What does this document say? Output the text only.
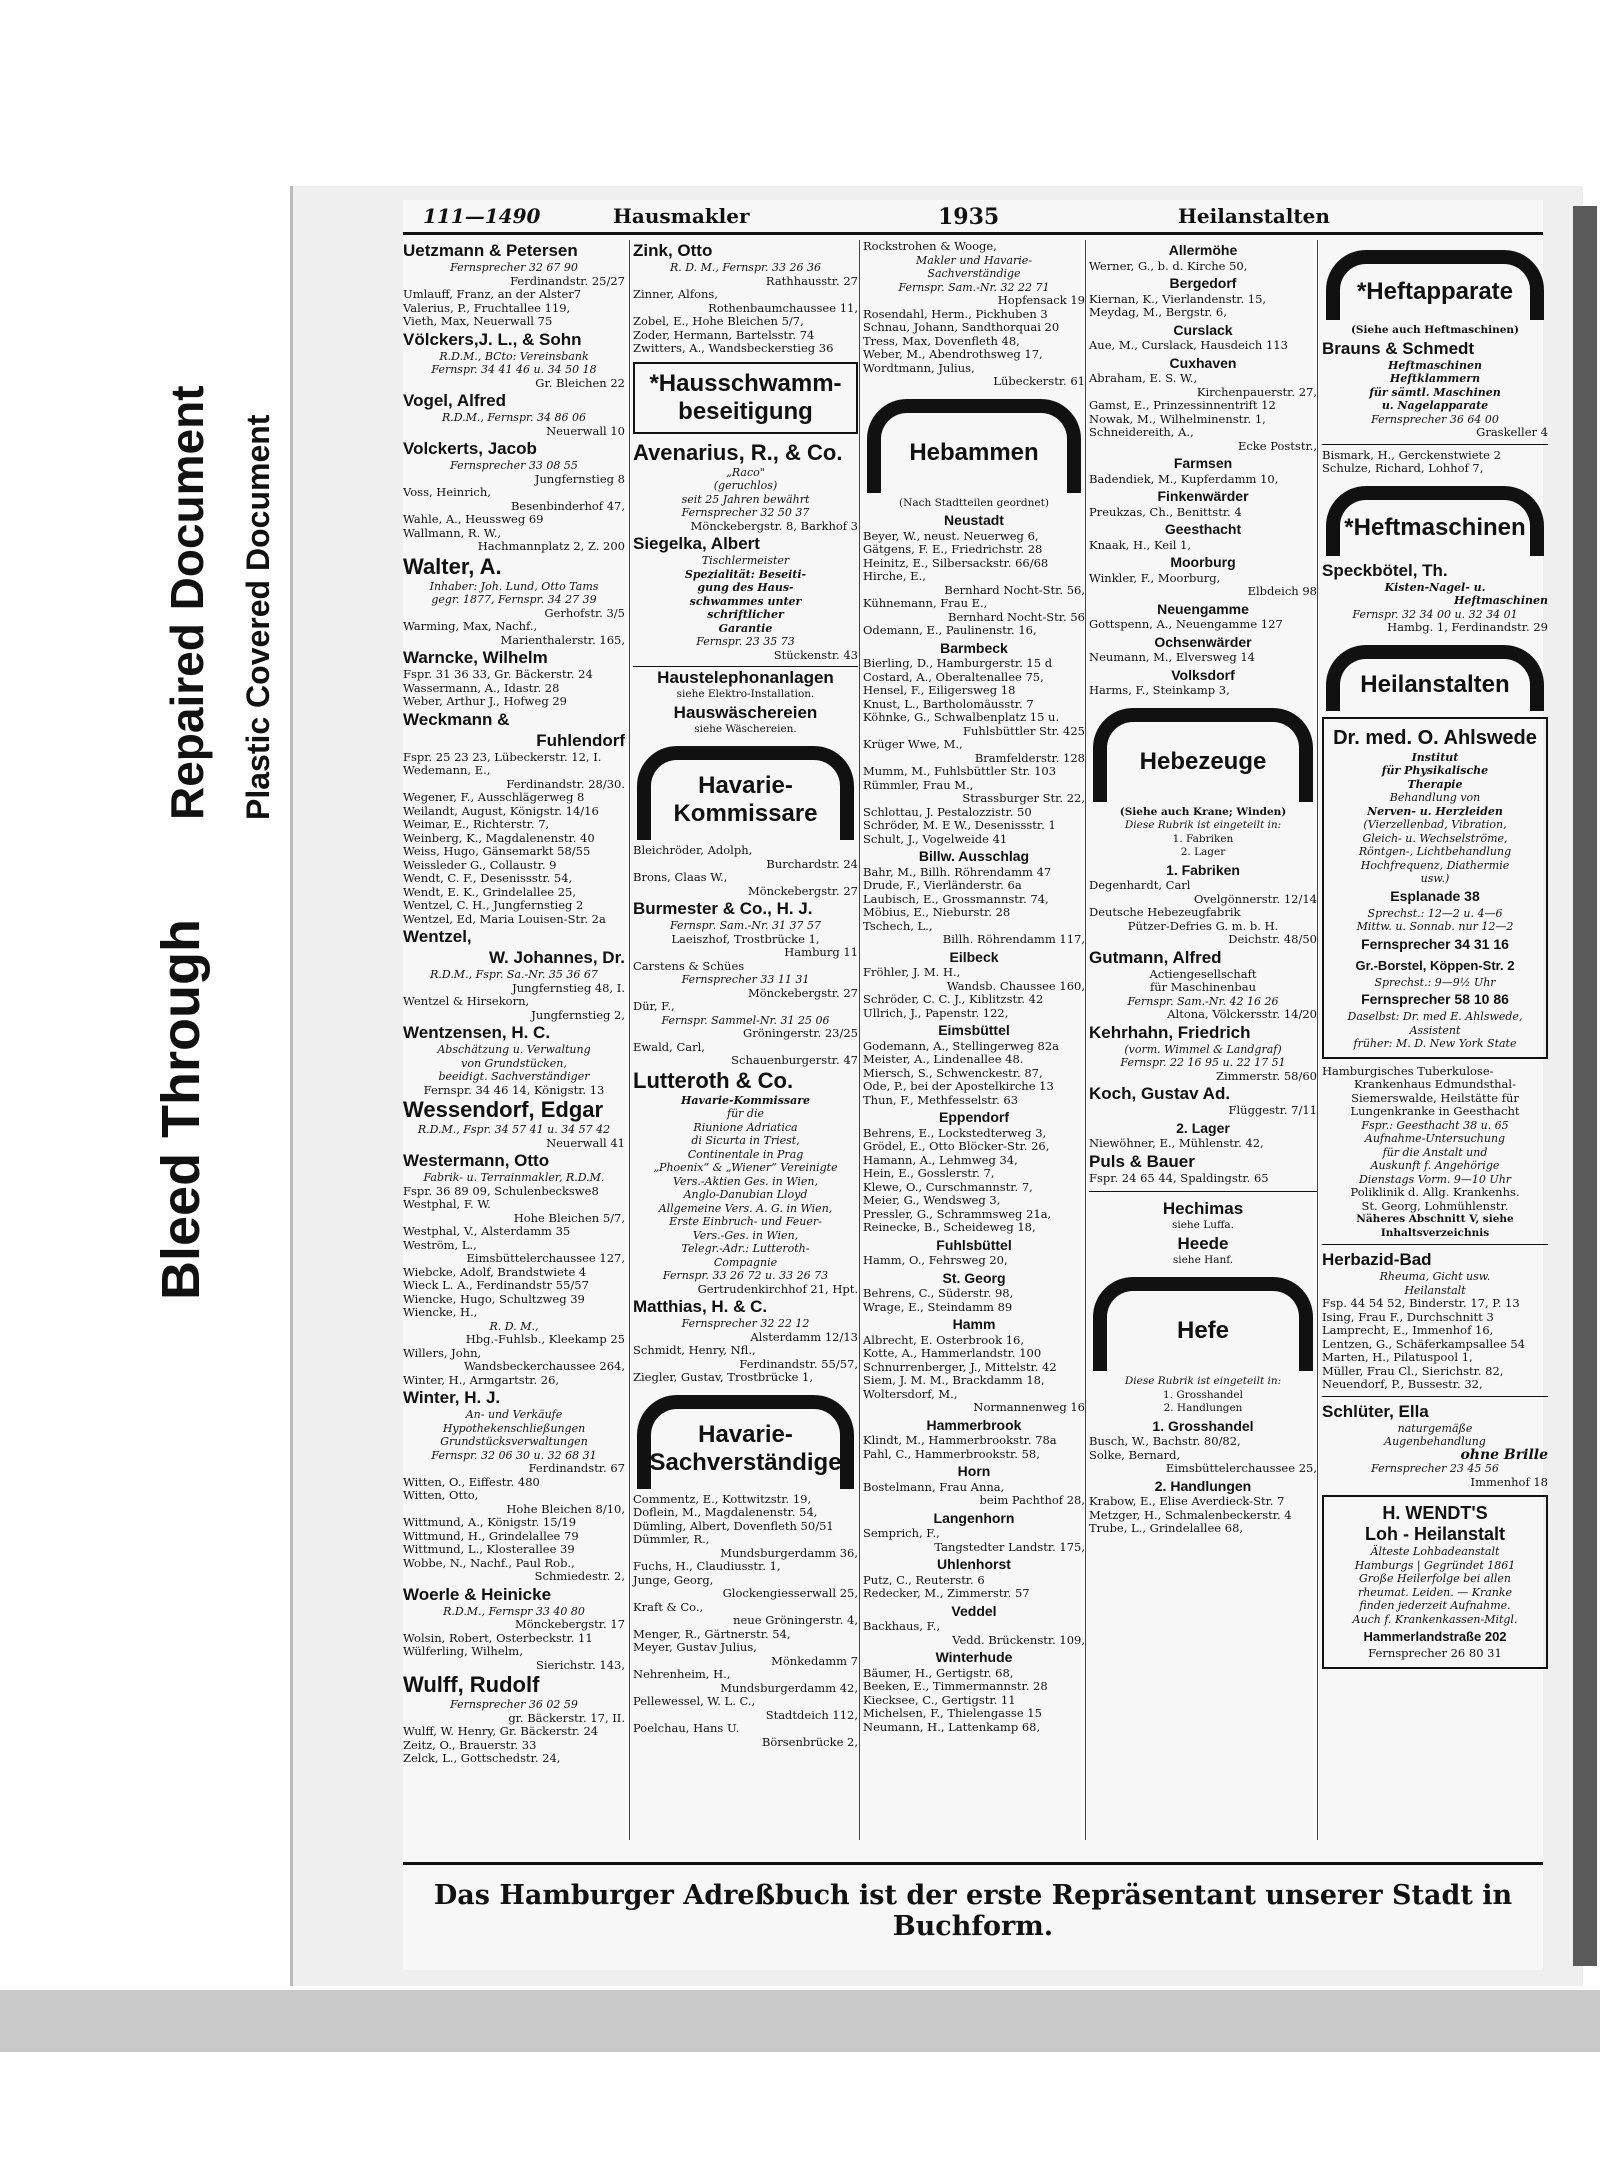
Bleed Through
Repaired Document Plastic Covered Document
111—1490	Hausmakler	1935	Heilanstalten
Uetzmann & Petersen
Fernsprecher 32 67 90
Ferdinandstr. 25/27
Umlauff, Franz, an der Alster7
Valerius, P., Fruchtallee 119,
Vieth, Max, Neuerwall 75
Völckers,J. L., & Sohn
R.D.M., BCto: Vereinsbank
Fernspr. 34 41 46 u. 34 50 18
Gr. Bleichen 22
Vogel, Alfred
R.D.M., Fernspr. 34 86 06
Neuerwall 10
Volckerts, Jacob
Fernsprecher 33 08 55
Jungfernstieg 8
Voss, Heinrich,
Besenbinderhof 47,
Wahle, A., Heussweg 69
Wallmann, R. W.,
Hachmannplatz 2, Z. 200
Walter, A.
Inhaber: Joh. Lund, Otto Tams
gegr. 1877, Fernspr. 34 27 39
Gerhofstr. 3/5
Warming, Max, Nachf.,
Marienthalerstr. 165,
Warncke, Wilhelm
Fspr. 31 36 33, Gr. Bäckerstr. 24
Wassermann, A., Idastr. 28
Weber, Arthur J., Hofweg 29
Weckmann &
Fuhlendorf
Fspr. 25 23 23, Lübeckerstr. 12, I.
Wedemann, E.,
Ferdinandstr. 28/30.
Wegener, F., Ausschlägerweg 8
Weilandt, August, Königstr. 14/16
Weimar, E., Richterstr. 7,
Weinberg, K., Magdalenenstr. 40
Weiss, Hugo, Gänsemarkt 58/55
Weissleder G., Collaustr. 9
Wendt, C. F., Desenissstr. 54,
Wendt, E. K., Grindelallee 25,
Wentzel, C. H., Jungfernstieg 2
Wentzel, Ed, Maria Louisen-Str. 2a
Wentzel,
W. Johannes, Dr.
R.D.M., Fspr. Sa.-Nr. 35 36 67
Jungfernstieg 48, I.
Wentzel & Hirsekorn,
Jungfernstieg 2,
Wentzensen, H. C.
Abschätzung u. Verwaltung
von Grundstücken,
beeidigt. Sachverständiger
Fernspr. 34 46 14, Königstr. 13
Wessendorf, Edgar
R.D.M., Fspr. 34 57 41 u. 34 57 42
Neuerwall 41
Westermann, Otto
Fabrik- u. Terrainmakler, R.D.M.
Fspr. 36 89 09, Schulenbeckswe8
Westphal, F. W.
Hohe Bleichen 5/7,
Westphal, V., Alsterdamm 35
Weström, L.,
Eimsbüttelerchaussee 127,
Wiebcke, Adolf, Brandstwiete 4
Wieck L. A., Ferdinandstr 55/57
Wiencke, Hugo, Schultzweg 39
Wiencke, H.,
R. D. M.,
Hbg.-Fuhlsb., Kleekamp 25
Willers, John,
Wandsbeckerchaussee 264,
Winter, H., Armgartstr. 26,
Winter, H. J.
An- und Verkäufe
Hypothekenschließungen
Grundstücksverwaltungen
Fernspr. 32 06 30 u. 32 68 31
Ferdinandstr. 67
Witten, O., Eiffestr. 480
Witten, Otto,
Hohe Bleichen 8/10,
Wittmund, A., Königstr. 15/19
Wittmund, H., Grindelallee 79
Wittmund, L., Klosterallee 39
Wobbe, N., Nachf., Paul Rob.,
Schmiedestr. 2,
Woerle & Heinicke
R.D.M., Fernspr 33 40 80
Mönckebergstr. 17
Wolsin, Robert, Osterbeckstr. 11
Wülferling, Wilhelm,
Sierichstr. 143,
Wulff, Rudolf
Fernsprecher 36 02 59
gr. Bäckerstr. 17, II.
Wulff, W. Henry, Gr. Bäckerstr. 24
Zeitz, O., Brauerstr. 33
Zelck, L., Gottschedstr. 24,
Zink, Otto
R. D. M., Fernspr. 33 26 36
Rathhausstr. 27
Zinner, Alfons,
Rothenbaumchaussee 11,
Zobel, E., Hohe Bleichen 5/7,
Zoder, Hermann, Bartelsstr. 74
Zwitters, A., Wandsbeckerstieg 36
*Hausschwamm-beseitigung
Avenarius, R., & Co.
„Raco"
(geruchlos)
seit 25 Jahren bewährt
Fernsprecher 32 50 37
Mönckebergstr. 8, Barkhof 3
Siegelka, Albert
Tischlermeister
Spezialität: Beseiti-
gung des Haus-
schwammes unter
schriftlicher
Garantie
Fernspr. 23 35 73
Stückenstr. 43
Haustelephonanlagen
siehe Elektro-Installation.
Hauswäschereien
siehe Wäschereien.
Havarie-Kommissare
Bleichröder, Adolph,
Burchardstr. 24
Brons, Claas W.,
Mönckebergstr. 27
Burmester & Co., H. J.
Fernspr. Sam.-Nr. 31 37 57
Laeiszhof, Trostbrücke 1,
Hamburg 11
Carstens & Schües
Fernsprecher 33 11 31
Mönckebergstr. 27
Dür, F.,
Fernspr. Sammel-Nr. 31 25 06
Gröningerstr. 23/25
Ewald, Carl,
Schauenburgerstr. 47
Lutteroth & Co.
Havarie-Kommissare
für die
Riunione Adriatica
di Sicurta in Triest,
Continentale in Prag
„Phoenix“ & „Wiener“ Vereinigte
Vers.-Aktien Ges. in Wien,
Anglo-Danubian Lloyd
Allgemeine Vers. A. G. in Wien,
Erste Einbruch- und Feuer-
Vers.-Ges. in Wien,
Telegr.-Adr.: Lutteroth-
Compagnie
Fernspr. 33 26 72 u. 33 26 73
Gertrudenkirchhof 21, Hpt.
Matthias, H. & C.
Fernsprecher 32 22 12
Alsterdamm 12/13
Schmidt, Henry, Nfl.,
Ferdinandstr. 55/57,
Ziegler, Gustav, Trostbrücke 1,
Havarie-Sachverständige
Commentz, E., Kottwitzstr. 19,
Doflein, M., Magdalenenstr. 54,
Dümling, Albert, Dovenfleth 50/51
Dümmler, R.,
Mundsburgerdamm 36,
Fuchs, H., Claudiusstr. 1,
Junge, Georg,
Glockengiesserwall 25,
Kraft & Co.,
neue Gröningerstr. 4,
Menger, R., Gärtnerstr. 54,
Meyer, Gustav Julius,
Mönkedamm 7
Nehrenheim, H.,
Mundsburgerdamm 42,
Pellewessel, W. L. C.,
Stadtdeich 112,
Poelchau, Hans U.
Börsenbrücke 2,
Rockstrohen & Wooge,
Makler und Havarie-
Sachverständige
Fernspr. Sam.-Nr. 32 22 71
Hopfensack 19
Rosendahl, Herm., Pickhuben 3
Schnau, Johann, Sandthorquai 20
Tress, Max, Dovenfleth 48,
Weber, M., Abendrothsweg 17,
Wordtmann, Julius,
Lübeckerstr. 61
Hebammen
(Nach Stadtteilen geordnet)
Neustadt
Beyer, W., neust. Neuerweg 6,
Gätgens, F. E., Friedrichstr. 28
Heinitz, E., Silbersackstr. 66/68
Hirche, E.,
Bernhard Nocht-Str. 56,
Kühnemann, Frau E.,
Bernhard Nocht-Str. 56
Odemann, E., Paulinenstr. 16,
Barmbeck
Bierling, D., Hamburgerstr. 15 d
Costard, A., Oberaltenallee 75,
Hensel, F., Eiligersweg 18
Knust, L., Bartholomäusstr. 7
Köhnke, G., Schwalbenplatz 15 u.
Fuhlsbüttler Str. 425
Krüger Wwe, M.,
Bramfelderstr. 128
Mumm, M., Fuhlsbüttler Str. 103
Rümmler, Frau M.,
Strassburger Str. 22,
Schlottau, J. Pestalozzistr. 50
Schröder, M. E W., Desenissstr. 1
Schult, J., Vogelweide 41
Billw. Ausschlag
Bahr, M., Billh. Röhrendamm 47
Drude, F., Vierländerstr. 6a
Laubisch, E., Grossmannstr. 74,
Möbius, E., Nieburstr. 28
Tschech, L.,
Billh. Röhrendamm 117,
Eilbeck
Fröhler, J. M. H.,
Wandsb. Chaussee 160,
Schröder, C. C. J., Kiblitzstr. 42
Ullrich, J., Papenstr. 122,
Eimsbüttel
Godemann, A., Stellingerweg 82a
Meister, A., Lindenallee 48.
Miersch, S., Schwenckestr. 87,
Ode, P., bei der Apostelkirche 13
Thun, F., Methfesselstr. 63
Eppendorf
Behrens, E., Lockstedterweg 3,
Grödel, E., Otto Blöcker-Str. 26,
Hamann, A., Lehmweg 34,
Hein, E., Gosslerstr. 7,
Klewe, O., Curschmannstr. 7,
Meier, G., Wendsweg 3,
Pressler, G., Schrammsweg 21a,
Reinecke, B., Scheideweg 18,
Fuhlsbüttel
Hamm, O., Fehrsweg 20,
St. Georg
Behrens, C., Süderstr. 98,
Wrage, E., Steindamm 89
Hamm
Albrecht, E. Osterbrook 16,
Kotte, A., Hammerlandstr. 100
Schnurrenberger, J., Mittelstr. 42
Siem, J. M. M., Brackdamm 18,
Woltersdorf, M.,
Normannenweg 16
Hammerbrook
Klindt, M., Hammerbrookstr. 78a
Pahl, C., Hammerbrookstr. 58,
Horn
Bostelmann, Frau Anna,
beim Pachthof 28,
Langenhorn
Semprich, F.,
Tangstedter Landstr. 175,
Uhlenhorst
Putz, C., Reuterstr. 6
Redecker, M., Zimmerstr. 57
Veddel
Backhaus, F.,
Vedd. Brückenstr. 109,
Winterhude
Bäumer, H., Gertigstr. 68,
Beeken, E., Timmermannstr. 28
Kiecksee, C., Gertigstr. 11
Michelsen, F., Thielengasse 15
Neumann, H., Lattenkamp 68,
Allermöhe
Werner, G., b. d. Kirche 50,
Bergedorf
Kiernan, K., Vierlandenstr. 15,
Meydag, M., Bergstr. 6,
Curslack
Aue, M., Curslack, Hausdeich 113
Cuxhaven
Abraham, E. S. W.,
Kirchenpauerstr. 27,
Gamst, E., Prinzessinnentrift 12
Nowak, M., Wilhelminenstr. 1,
Schneidereith, A.,
Ecke Poststr.,
Farmsen
Badendiek, M., Kupferdamm 10,
Finkenwärder
Preukzas, Ch., Benittstr. 4
Geesthacht
Knaak, H., Keil 1,
Moorburg
Winkler, F., Moorburg,
Elbdeich 98
Neuengamme
Gottspenn, A., Neuengamme 127
Ochsenwärder
Neumann, M., Elversweg 14
Volksdorf
Harms, F., Steinkamp 3,
Hebezeuge
(Siehe auch Krane; Winden)
Diese Rubrik ist eingeteilt in:
1. Fabriken
2. Lager
1. Fabriken
Degenhardt, Carl
Ovelgönnerstr. 12/14
Deutsche Hebezeugfabrik
Pützer-Defries G. m. b. H.
Deichstr. 48/50
Gutmann, Alfred
Actiengesellschaft
für Maschinenbau
Fernspr. Sam.-Nr. 42 16 26
Altona, Völckersstr. 14/20
Kehrhahn, Friedrich
(vorm. Wimmel & Landgraf)
Fernspr. 22 16 95 u. 22 17 51
Zimmerstr. 58/60
Koch, Gustav Ad.
Flüggestr. 7/11
2. Lager
Niewöhner, E., Mühlenstr. 42,
Puls & Bauer
Fspr. 24 65 44, Spaldingstr. 65
Hechimas
siehe Luffa.
Heede
siehe Hanf.
Hefe
Diese Rubrik ist eingeteilt in:
1. Grosshandel
2. Handlungen
1. Grosshandel
Busch, W., Bachstr. 80/82,
Solke, Bernard,
Eimsbüttelerchaussee 25,
2. Handlungen
Krabow, E., Elise Averdieck-Str. 7
Metzger, H., Schmalenbeckerstr. 4
Trube, L., Grindelallee 68,
*Heftapparate
(Siehe auch Heftmaschinen)
Brauns & Schmedt
Heftmaschinen
Heftklammern
für sämtl. Maschinen
u. Nagelapparate
Fernsprecher 36 64 00
Graskeller 4
Bismark, H., Gerckenstwiete 2
Schulze, Richard, Lohhof 7,
*Heftmaschinen
Speckbötel, Th.
Kisten-Nagel- u.
Heftmaschinen
Fernspr. 32 34 00 u. 32 34 01
Hambg. 1, Ferdinandstr. 29
Heilanstalten
Dr. med. O. Ahlswede
Institut
für Physikalische
Therapie
Behandlung von
Nerven- u. Herzleiden
(Vierzellenbad, Vibration,
Gleich- u. Wechselströme,
Röntgen-, Lichtbehandlung
Hochfrequenz, Diathermie
usw.)
Esplanade 38
Sprechst.: 12—2 u. 4—6
Mittw. u. Sonnab. nur 12—2
Fernsprecher 34 31 16
Gr.-Borstel, Köppen-Str. 2
Sprechst.: 9—9½ Uhr
Fernsprecher 58 10 86
Daselbst: Dr. med E. Ahlswede,
Assistent
früher: M. D. New York State
Hamburgisches Tuberkulose-
Krankenhaus Edmundsthal-
Siemerswalde, Heilstätte für
Lungenkranke in Geesthacht
Fspr.: Geesthacht 38 u. 65
Aufnahme-Untersuchung
für die Anstalt und
Auskunft f. Angehörige
Dienstags Vorm. 9—10 Uhr
Poliklinik d. Allg. Krankenhs.
St. Georg, Lohmühlenstr.
Näheres Abschnitt V, siehe
Inhaltsverzeichnis
Herbazid-Bad
Rheuma, Gicht usw.
Heilanstalt
Fsp. 44 54 52, Binderstr. 17, P. 13
Ising, Frau F., Durchschnitt 3
Lamprecht, E., Immenhof 16,
Lentzen, G., Schäferkampsallee 54
Marten, H., Pilatuspool 1,
Müller, Frau Cl., Sierichstr. 82,
Neuendorf, P., Bussestr. 32,
Schlüter, Ella
naturgemäße
Augenbehandlung
ohne Brille
Fernsprecher 23 45 56
Immenhof 18
H. WENDT'S
Loh - Heilanstalt
Älteste Lohbadeanstalt
Hamburgs | Gegründet 1861
Große Heilerfolge bei allen
rheumat. Leiden. — Kranke
finden jederzeit Aufnahme.
Auch f. Krankenkassen-Mitgl.
Hammerlandstraße 202
Fernsprecher 26 80 31
Das Hamburger Adreßbuch ist der erste Repräsentant unserer Stadt in Buchform.
